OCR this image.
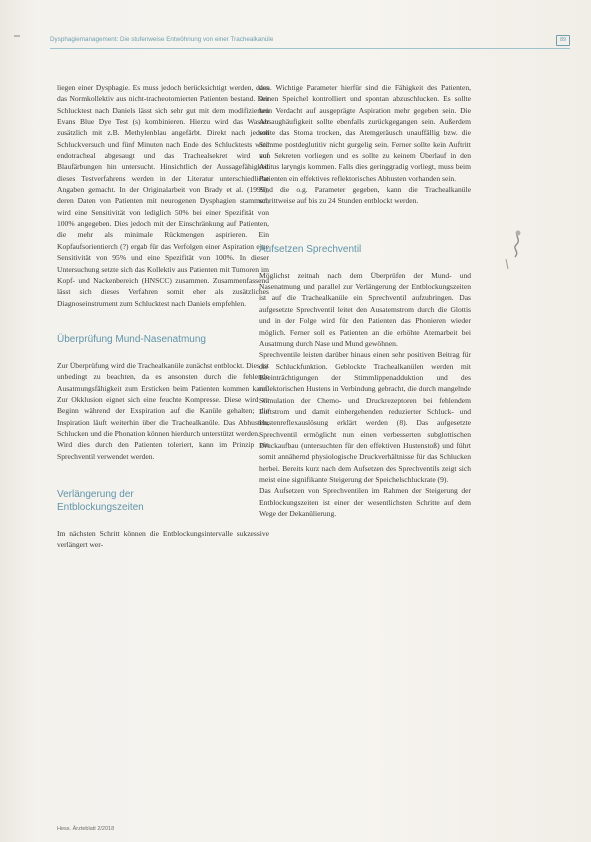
Dysphagiemanagement: Die stufenweise Entwöhnung von einer Trachealkanüle	89

liegen einer Dysphagie. Es muss jedoch berücksichtigt werden, dass das Normkollektiv aus nicht-tracheotomierten Patienten bestand. Der Schlucktest nach Daniels lässt sich sehr gut mit dem modifizierten Evans Blue Dye Test (s) kombinieren. Hierzu wird das Wasser zusätzlich mit z.B. Methylenblau angefärbt. Direkt nach jedem Schluckversuch und fünf Minuten nach Ende des Schlucktests wird endotracheal abgesaugt und das Trachealsekret wird auf Blaufärbungen hin untersucht. Hinsichtlich der Aussagefähigkeit dieses Testverfahrens werden in der Literatur unterschiedliche Angaben gemacht. In der Originalarbeit von Brady et al. (1999), deren Daten von Patienten mit neurogenen Dysphagien stammen, wird eine Sensitivität von lediglich 50% bei einer Spezifität von 100% angegeben. Dies jedoch mit der Einschränkung auf Patienten, die mehr als minimale Rückmengen aspirieren. Ein Kopfaufsorientierch (?) ergab für das Verfolgen einer Aspiration eine Sensitivität von 95% und eine Spezifität von 100%. In dieser Untersuchung setzte sich das Kollektiv aus Patienten mit Tumoren im Kopf- und Nackenbereich (HNSCC) zusammen. Zusammenfassend lässt sich dieses Verfahren somit eher als zusätzliches Diagnoseinstrument zum Schlucktest nach Daniels empfehlen.

Überprüfung Mund-Nasenatmung

Zur Überprüfung wird die Trachealkanüle zunächst entblockt. Dies ist unbedingt zu beachten, da es ansonsten durch die fehlende Ausatmungsfähigkeit zum Ersticken beim Patienten kommen kann. Zur Okklusion eignet sich eine feuchte Kompresse. Diese wird zu Beginn während der Exspiration auf die Kanüle gehalten; die Inspiration läuft weiterhin über die Trachealkanüle. Das Abhusten, Schlucken und die Phonation können hierdurch unterstützt werden.

Wird dies durch den Patienten toleriert, kann im Prinzip ein Sprechventil verwendet werden.

Verlängerung der
Entblockungszeiten

Im nächsten Schritt können die Entblockungsintervalle sukzessive verlängert wer-

den. Wichtige Parameter hierfür sind die Fähigkeit des Patienten, seinen Speichel kontrolliert und spontan abzuschlucken. Es sollte kein Verdacht auf ausgeprägte Aspiration mehr gegeben sein. Die Absaughäufigkeit sollte ebenfalls zurückgegangen sein. Außerdem sollte das Stoma trocken, das Atemgeräusch unauffällig bzw. die Stimme postdeglutitiv nicht gurgelig sein. Ferner sollte kein Auftritt von Sekreten vorliegen und es sollte zu keinem Überlauf in den Aditus laryngis kommen. Falls dies geringgradig vorliegt, muss beim Patienten ein effektives reflektorisches Abhusten vorhanden sein.

Sind die o.g. Parameter gegeben, kann die Trachealkanüle schrittweise auf bis zu 24 Stunden entblockt werden.

Aufsetzen Sprechventil

Möglichst zeitnah nach dem Überprüfen der Mund- und Nasenatmung und parallel zur Verlängerung der Entblockungszeiten ist auf die Trachealkanüle ein Sprechventil aufzubringen. Das aufgesetzte Sprechventil leitet den Ausatemstrom durch die Glottis und in der Folge wird für den Patienten das Phonieren wieder möglich. Ferner soll es Patienten an die erhöhte Atemarbeit bei Ausatmung durch Nase und Mund gewöhnen.

Sprechventile leisten darüber hinaus einen sehr positiven Beitrag für die Schluckfunktion. Geblockte Trachealkanülen werden mit Beeinträchtigungen der Stimmlippenadduktion und des reflektorischen Hustens in Verbindung gebracht, die durch mangelnde Stimulation der Chemo- und Druckrezeptoren bei fehlendem Luftstrom und damit einhergehenden reduzierter Schluck- und Hustenreflexauslösung erklärt werden (8). Das aufgesetzte Sprechventil ermöglicht nun einen verbesserten subglottischen Druckaufbau (untersuchten für den effektiven Hustenstoß) und führt somit annähernd physiologische Druckverhältnisse für das Schlucken herbei. Bereits kurz nach dem Aufsetzen des Sprechventils zeigt sich meist eine signifikante Steigerung der Speichelschluckrate (9).

Das Aufsetzen von Sprechventilen im Rahmen der Steigerung der Entblockungszeiten ist einer der wesentlichsten Schritte auf dem Wege der Dekanülierung.

Hess. Ärzteblatt 2/2018
